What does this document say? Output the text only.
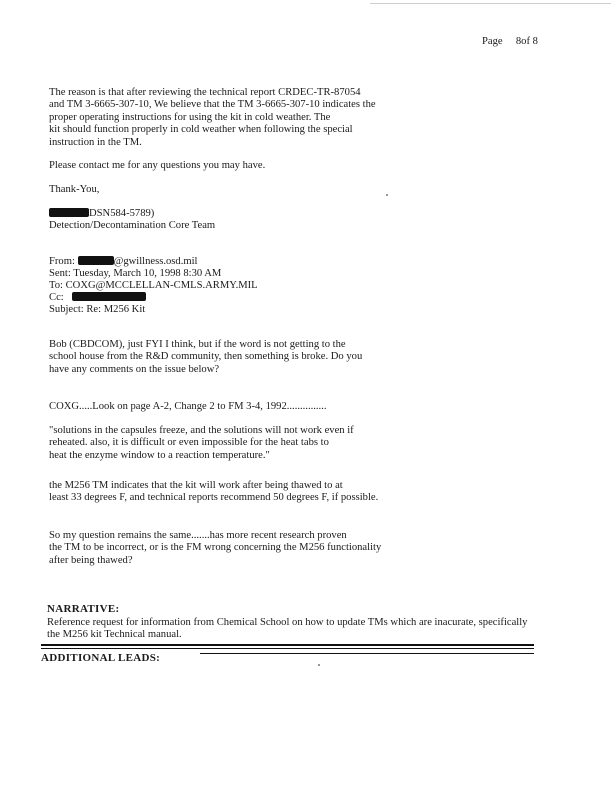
Page 8of 8
The reason is that after reviewing the technical report CRDEC-TR-87054
and TM 3-6665-307-10, We believe that the TM 3-6665-307-10 indicates the
proper operating instructions for using the kit in cold weather. The
kit should function properly in cold weather when following the special
instruction in the TM.
Please contact me for any questions you may have.
Thank-You,
DSN584-5789)
Detection/Decontamination Core Team
From:	@gwillness.osd.mil
Sent: Tuesday, March 10, 1998 8:30 AM
To: COXG@MCCLELLAN-CMLS.ARMY.MIL
Cc:
Subject: Re: M256 Kit
Bob (CBDCOM), just FYI I think, but if the word is not getting to the
school house from the R&D community, then something is broke. Do you
have any comments on the issue below?
COXG.....Look on page A-2, Change 2 to FM 3-4, 1992...............
"solutions in the capsules freeze, and the solutions will not work even if
reheated. also, it is difficult or even impossible for the heat tabs to
heat the enzyme window to a reaction temperature."
the M256 TM indicates that the kit will work after being thawed to at
least 33 degrees F, and technical reports recommend 50 degrees F, if possible.
So my question remains the same.......has more recent research proven
the TM to be incorrect, or is the FM wrong concerning the M256 functionality
after being thawed?
NARRATIVE:
Reference request for information from Chemical School on how to update TMs which are inacurate, specifically
the M256 kit Technical manual.
ADDITIONAL LEADS:
